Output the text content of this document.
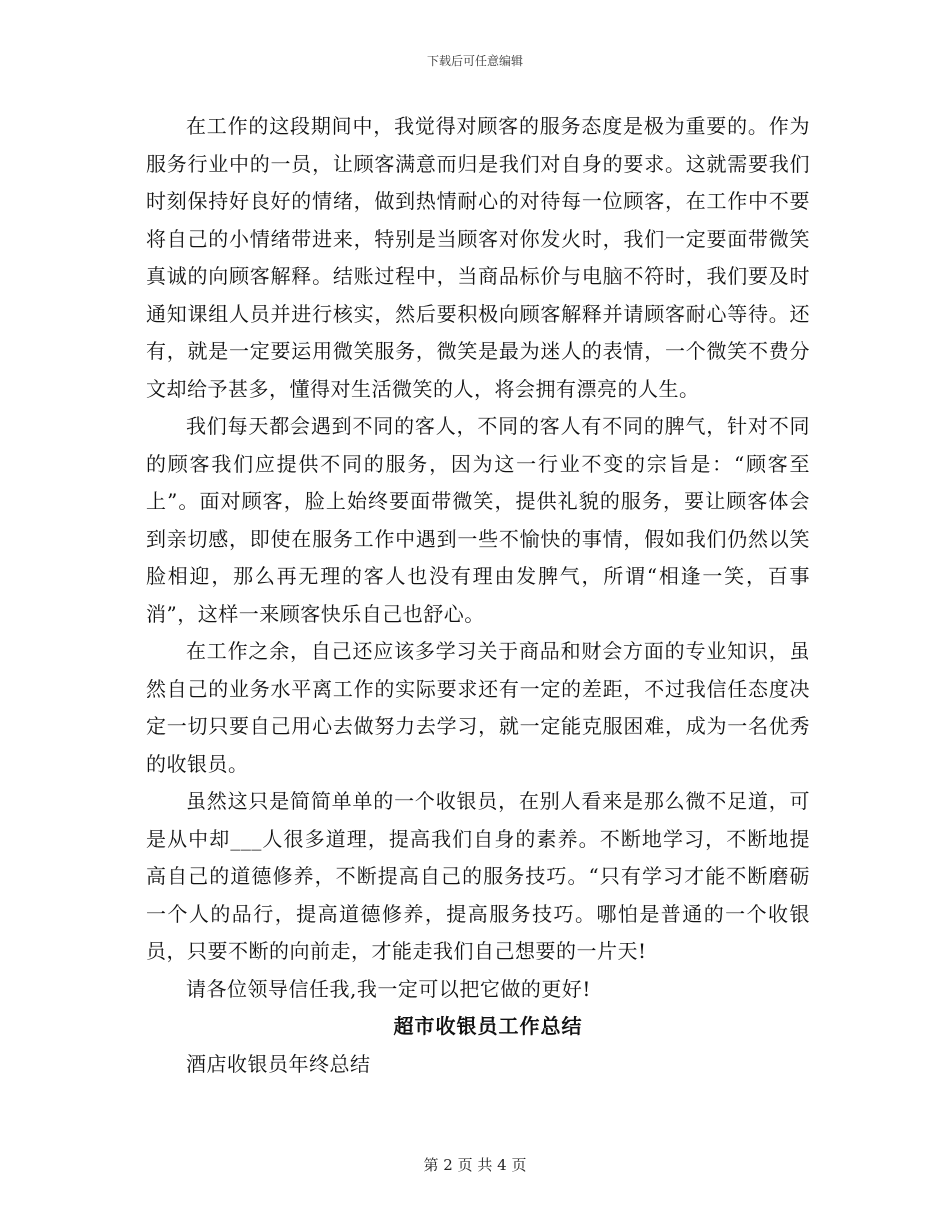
下载后可任意编辑

在工作的这段期间中，我觉得对顾客的服务态度是极为重要的。作为服务行业中的一员，让顾客满意而归是我们对自身的要求。这就需要我们时刻保持好良好的情绪，做到热情耐心的对待每一位顾客，在工作中不要将自己的小情绪带进来，特别是当顾客对你发火时，我们一定要面带微笑真诚的向顾客解释。结账过程中，当商品标价与电脑不符时，我们要及时通知课组人员并进行核实，然后要积极向顾客解释并请顾客耐心等待。还有，就是一定要运用微笑服务，微笑是最为迷人的表情，一个微笑不费分文却给予甚多，懂得对生活微笑的人，将会拥有漂亮的人生。

我们每天都会遇到不同的客人，不同的客人有不同的脾气，针对不同的顾客我们应提供不同的服务，因为这一行业不变的宗旨是：“顾客至上”。面对顾客，脸上始终要面带微笑，提供礼貌的服务，要让顾客体会到亲切感，即使在服务工作中遇到一些不愉快的事情，假如我们仍然以笑脸相迎，那么再无理的客人也没有理由发脾气，所谓“相逢一笑，百事消”，这样一来顾客快乐自己也舒心。

在工作之余，自己还应该多学习关于商品和财会方面的专业知识，虽然自己的业务水平离工作的实际要求还有一定的差距，不过我信任态度决定一切只要自己用心去做努力去学习，就一定能克服困难，成为一名优秀的收银员。

虽然这只是简简单单的一个收银员，在别人看来是那么微不足道，可是从中却___人很多道理，提高我们自身的素养。不断地学习，不断地提高自己的道德修养，不断提高自己的服务技巧。“只有学习才能不断磨砺一个人的品行，提高道德修养，提高服务技巧。哪怕是普通的一个收银员，只要不断的向前走，才能走我们自己想要的一片天!

请各位领导信任我,我一定可以把它做的更好!

超市收银员工作总结

酒店收银员年终总结

第 2 页 共 4 页
